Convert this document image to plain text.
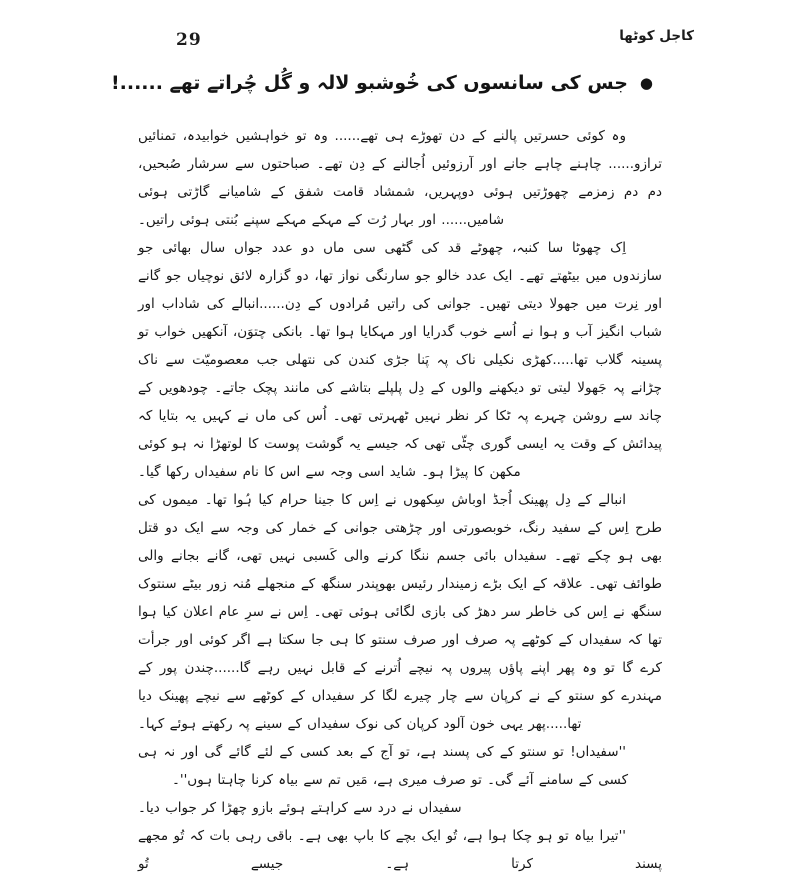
29	کاجل کوٹھا
●جس کی سانسوں کی خُوشبو لالہ و گُل چُراتے تھے ......!

وہ کوئی حسرتیں پالنے کے دن تھوڑے ہی تھے...... وہ تو خواہشیں خوابیدہ، تمنائیں ترازو...... چاہنے چاہے جانے اور آرزوئیں اُجالنے کے دِن تھے۔ صباحتوں سے سرشار صُبحیں، دم دم زمزمے چھوڑتیں ہوئی دوپہریں، شمشاد قامت شفق کے شامیانے گاڑتی ہوئی شامیں...... اور بہار رُت کے مہکے مہکے سپنے بُنتی ہوئی راتیں۔

اِک چھوٹا سا کنبہ، چھوٹے قد کی گٹھی سی ماں دو عدد جواں سال بھائی جو سازندوں میں بیٹھتے تھے۔ ایک عدد خالو جو سارنگی نواز تھا، دو گزارہ لائق نوچیاں جو گانے اور نِرت میں جھولا دیتی تھیں۔ جوانی کی راتیں مُرادوں کے دِن......انبالے کی شاداب اور شباب انگیز آب و ہوا نے اُسے خوب گدرایا اور مہکایا ہوا تھا۔ بانکی چتوَن، آنکھیں خواب تو پسینہ گلاب تھا.....کھڑی نکیلی ناک پہ پَنا جڑی کندن کی نتھلی جب معصومیّت سے ناک چڑانے پہ جَھولا لیتی تو دیکھنے والوں کے دِل پلپلے بتاشے کی مانند پچک جاتے۔ چودھویں کے چاند سے روشن چہرے پہ ٹکا کر نظر نہیں ٹھہرتی تھی۔ اُس کی ماں نے کہیں یہ بتایا کہ پیدائش کے وقت یہ ایسی گوری چٹّی تھی کہ جیسے یہ گوشت پوست کا لوتھڑا نہ ہو کوئی مکھن کا پیڑا ہو۔ شاید اسی وجہ سے اس کا نام سفیداں رکھا گیا۔

انبالے کے دِل پھینک اُجڈ اوباش سِکھوں نے اِس کا جینا حرام کیا ہُوا تھا۔ میموں کی طرح اِس کے سفید رنگ، خوبصورتی اور چڑھتی جوانی کے خمار کی وجہ سے ایک دو قتل بھی ہو چکے تھے۔ سفیداں بائی جسم ننگا کرنے والی کَسبی نہیں تھی، گانے بجانے والی طوائف تھی۔ علاقہ کے ایک بڑے زمیندار رئیس بھوپندر سنگھ کے منجھلے مُنہ زور بیٹے سنتوک سنگھ نے اِس کی خاطر سر دھڑ کی بازی لگائی ہوئی تھی۔ اِس نے سرِ عام اعلان کیا ہوا تھا کہ سفیداں کے کوٹھے پہ صرف اور صرف سنتو کا ہی جا سکتا ہے اگر کوئی اور جرأت کرے گا تو وہ پھر اپنے پاؤں پیروں پہ نیچے اُترنے کے قابل نہیں رہے گا......چندن پور کے مہندرے کو سنتو کے نے کرپان سے چار چیرے لگا کر سفیداں کے کوٹھے سے نیچے پھینک دیا تھا.....پھر یہی خون آلود کرپان کی نوک سفیداں کے سینے پہ رکھتے ہوئے کہا۔

''سفیداں! تو سنتو کے کی پسند ہے، تو آج کے بعد کسی کے لئے گائے گی اور نہ ہی کسی کے سامنے آئے گی۔ تو صرف میری ہے، مَیں تم سے بیاہ کرنا چاہتا ہوں''۔

سفیداں نے درد سے کراہتے ہوئے بازو چھڑا کر جواب دیا۔

''تیرا بیاہ تو ہو چکا ہوا ہے، تُو ایک بچے کا باپ بھی ہے۔ باقی رہی بات کہ تُو مجھے پسند کرتا ہے۔ جیسے تُو
